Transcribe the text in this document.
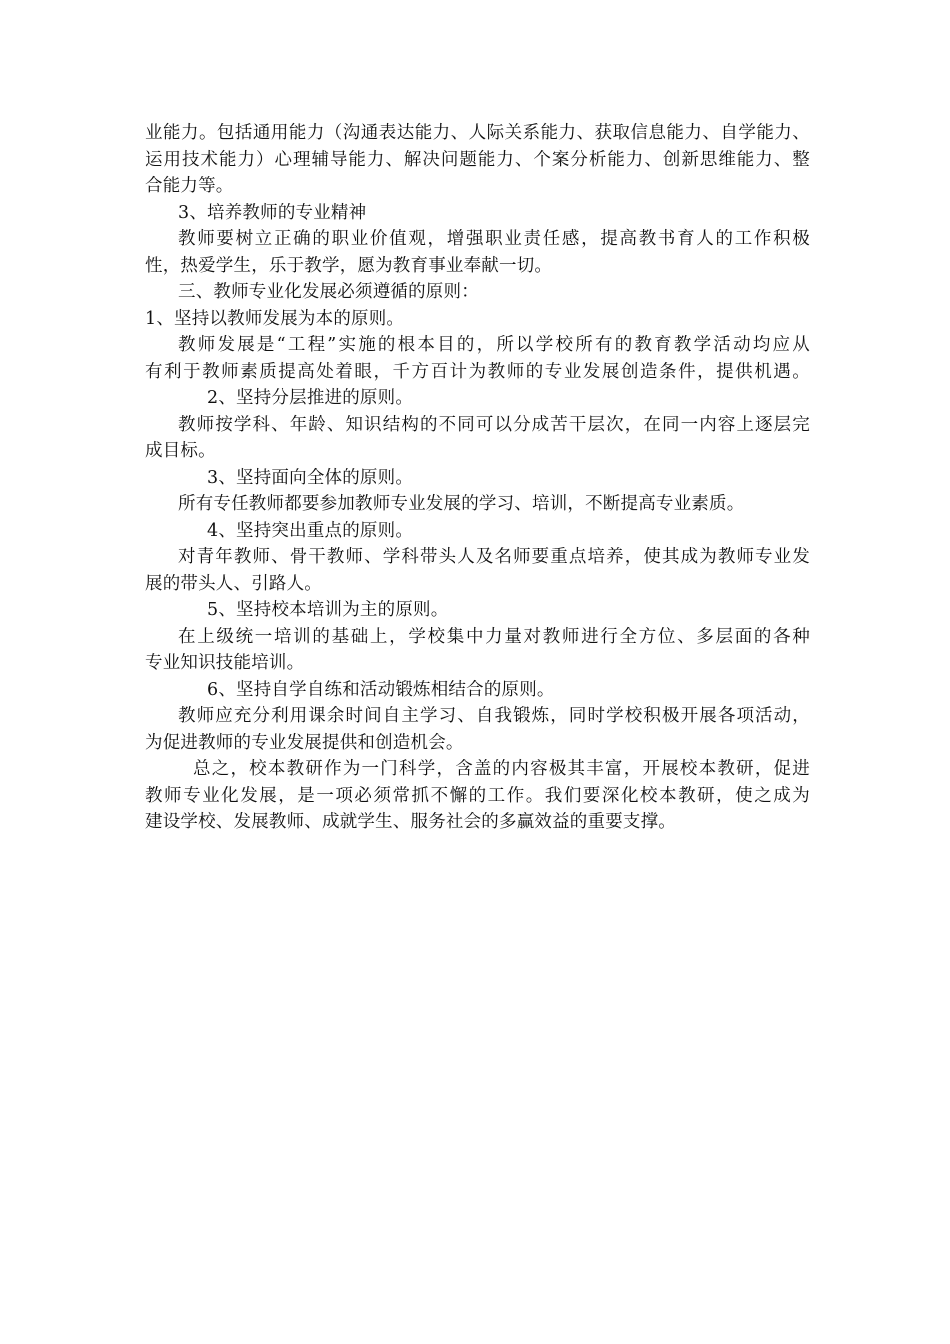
业能力。包括通用能力（沟通表达能力、人际关系能力、获取信息能力、自学能力、
运用技术能力）心理辅导能力、解决问题能力、个案分析能力、创新思维能力、整
合能力等。
3、培养教师的专业精神
教师要树立正确的职业价值观，增强职业责任感，提高教书育人的工作积极
性，热爱学生，乐于教学，愿为教育事业奉献一切。
三、教师专业化发展必须遵循的原则：
1、坚持以教师发展为本的原则。
教师发展是“工程”实施的根本目的，所以学校所有的教育教学活动均应从
有利于教师素质提高处着眼，千方百计为教师的专业发展创造条件，提供机遇。
2、坚持分层推进的原则。
教师按学科、年龄、知识结构的不同可以分成苦干层次，在同一内容上逐层完
成目标。
3、坚持面向全体的原则。
所有专任教师都要参加教师专业发展的学习、培训，不断提高专业素质。
4、坚持突出重点的原则。
对青年教师、骨干教师、学科带头人及名师要重点培养，使其成为教师专业发
展的带头人、引路人。
5、坚持校本培训为主的原则。
在上级统一培训的基础上，学校集中力量对教师进行全方位、多层面的各种
专业知识技能培训。
6、坚持自学自练和活动锻炼相结合的原则。
教师应充分利用课余时间自主学习、自我锻炼，同时学校积极开展各项活动，
为促进教师的专业发展提供和创造机会。
总之，校本教研作为一门科学，含盖的内容极其丰富，开展校本教研，促进
教师专业化发展，是一项必须常抓不懈的工作。我们要深化校本教研，使之成为
建设学校、发展教师、成就学生、服务社会的多赢效益的重要支撑。
